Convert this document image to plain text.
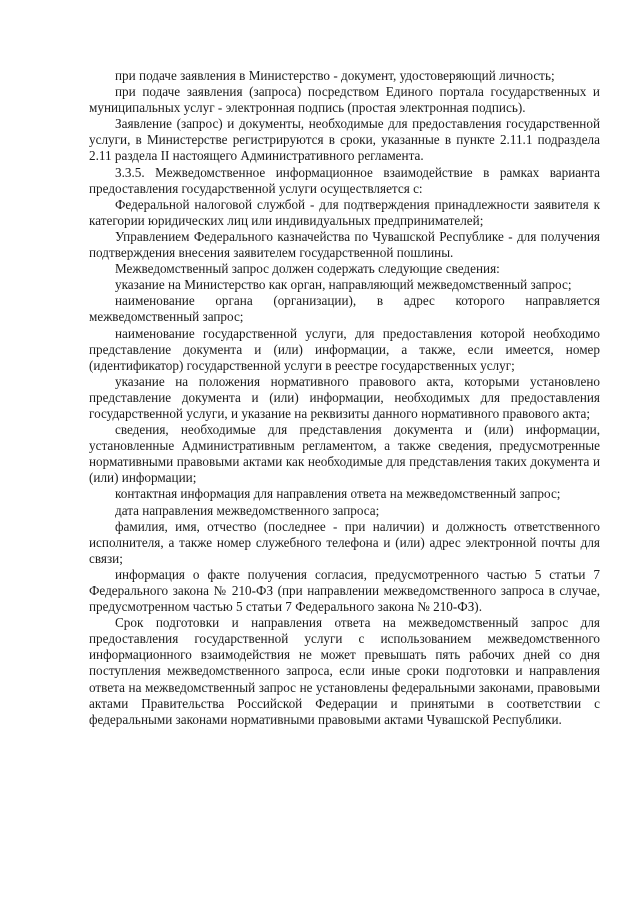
при подаче заявления в Министерство - документ, удостоверяющий личность;

при подаче заявления (запроса) посредством Единого портала государственных и муниципальных услуг - электронная подпись (простая электронная подпись).

Заявление (запрос) и документы, необходимые для предоставления государственной услуги, в Министерстве регистрируются в сроки, указанные в пункте 2.11.1 подраздела 2.11 раздела II настоящего Административного регламента.

3.3.5. Межведомственное информационное взаимодействие в рамках варианта предоставления государственной услуги осуществляется с:

Федеральной налоговой службой - для подтверждения принадлежности заявителя к категории юридических лиц или индивидуальных предпринимателей;

Управлением Федерального казначейства по Чувашской Республике - для получения подтверждения внесения заявителем государственной пошлины.

Межведомственный запрос должен содержать следующие сведения:

указание на Министерство как орган, направляющий межведомственный запрос;

наименование органа (организации), в адрес которого направляется межведомственный запрос;

наименование государственной услуги, для предоставления которой необходимо представление документа и (или) информации, а также, если имеется, номер (идентификатор) государственной услуги в реестре государственных услуг;

указание на положения нормативного правового акта, которыми установлено представление документа и (или) информации, необходимых для предоставления государственной услуги, и указание на реквизиты данного нормативного правового акта;

сведения, необходимые для представления документа и (или) информации, установленные Административным регламентом, а также сведения, предусмотренные нормативными правовыми актами как необходимые для представления таких документа и (или) информации;

контактная информация для направления ответа на межведомственный запрос;

дата направления межведомственного запроса;

фамилия, имя, отчество (последнее - при наличии) и должность ответственного исполнителя, а также номер служебного телефона и (или) адрес электронной почты для связи;

информация о факте получения согласия, предусмотренного частью 5 статьи 7 Федерального закона № 210-ФЗ (при направлении межведомственного запроса в случае, предусмотренном частью 5 статьи 7 Федерального закона № 210-ФЗ).

Срок подготовки и направления ответа на межведомственный запрос для предоставления государственной услуги с использованием межведомственного информационного взаимодействия не может превышать пять рабочих дней со дня поступления межведомственного запроса, если иные сроки подготовки и направления ответа на межведомственный запрос не установлены федеральными законами, правовыми актами Правительства Российской Федерации и принятыми в соответствии с федеральными законами нормативными правовыми актами Чувашской Республики.
